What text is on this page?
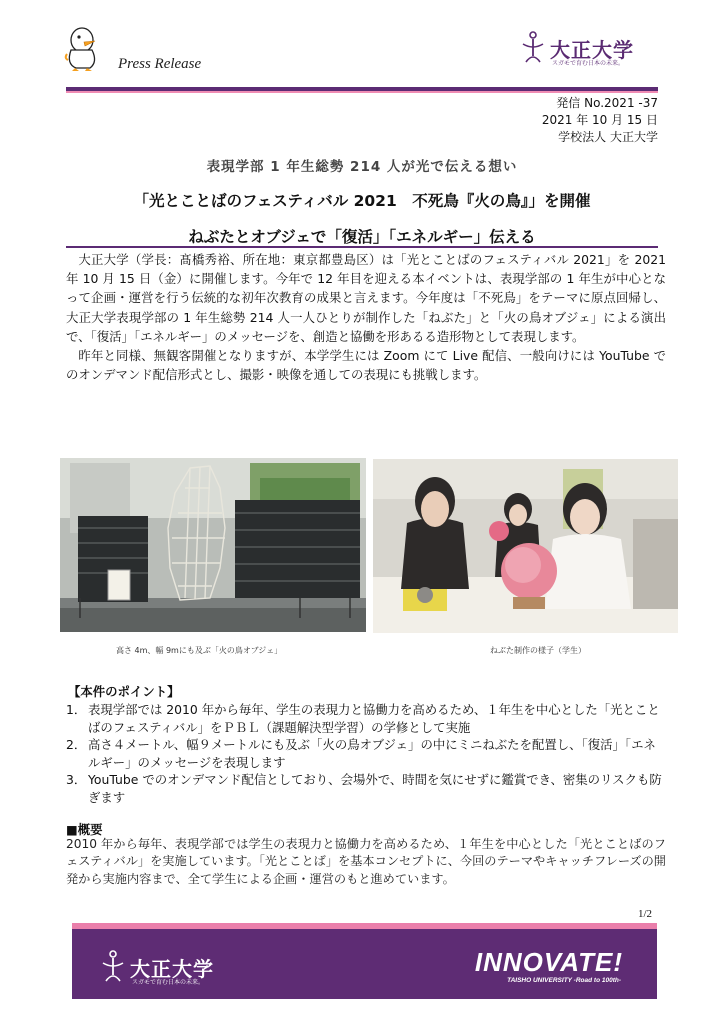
Press Release
大正大学
スガモで育む日本の未来。
発信 No.2021 -37
2021 年 10 月 15 日
学校法人 大正大学
表現学部 1 年生総勢 214 人が光で伝える想い
「光とことばのフェスティバル 2021　不死鳥『火の鳥』」を開催
ねぶたとオブジェで「復活」「エネルギー」伝える

大正大学（学長：髙橋秀裕、所在地：東京都豊島区）は「光とことばのフェスティバル 2021」を 2021 年 10 月 15 日（金）に開催します。今年で 12 年目を迎える本イベントは、表現学部の 1 年生が中心となって企画・運営を行う伝統的な初年次教育の成果と言えます。今年度は「不死鳥」をテーマに原点回帰し、大正大学表現学部の 1 年生総勢 214 人一人ひとりが制作した「ねぶた」と「火の鳥オブジェ」による演出で、「復活」「エネルギー」のメッセージを、創造と協働を形あるる造形物として表現します。

昨年と同様、無観客開催となりますが、本学学生には Zoom にて Live 配信、一般向けには YouTube でのオンデマンド配信形式とし、撮影・映像を通しての表現にも挑戦します。

高さ 4m、幅 9mにも及ぶ「火の鳥オブジェ」	ねぶた制作の様子（学生）
【本件のポイント】
1． 表現学部では 2010 年から毎年、学生の表現力と協働力を高めるため、１年生を中心とした「光とことばのフェスティバル」をＰＢＬ（課題解決型学習）の学修として実施
2． 高さ４メートル、幅９メートルにも及ぶ「火の鳥オブジェ」の中にミニねぶたを配置し、「復活」「エネルギー」のメッセージを表現します
3． YouTube でのオンデマンド配信としており、会場外で、時間を気にせずに鑑賞でき、密集のリスクも防ぎます
■概要
2010 年から毎年、表現学部では学生の表現力と協働力を高めるため、１年生を中心とした「光とことばのフェスティバル」を実施しています。「光とことば」を基本コンセプトに、今回のテーマやキャッチフレーズの開発から実施内容まで、全て学生による企画・運営のもと進めています。
1/2
大正大学
スガモで育む日本の未来。
INNOVATE!
TAISHO UNIVERSITY -Road to 100th-
